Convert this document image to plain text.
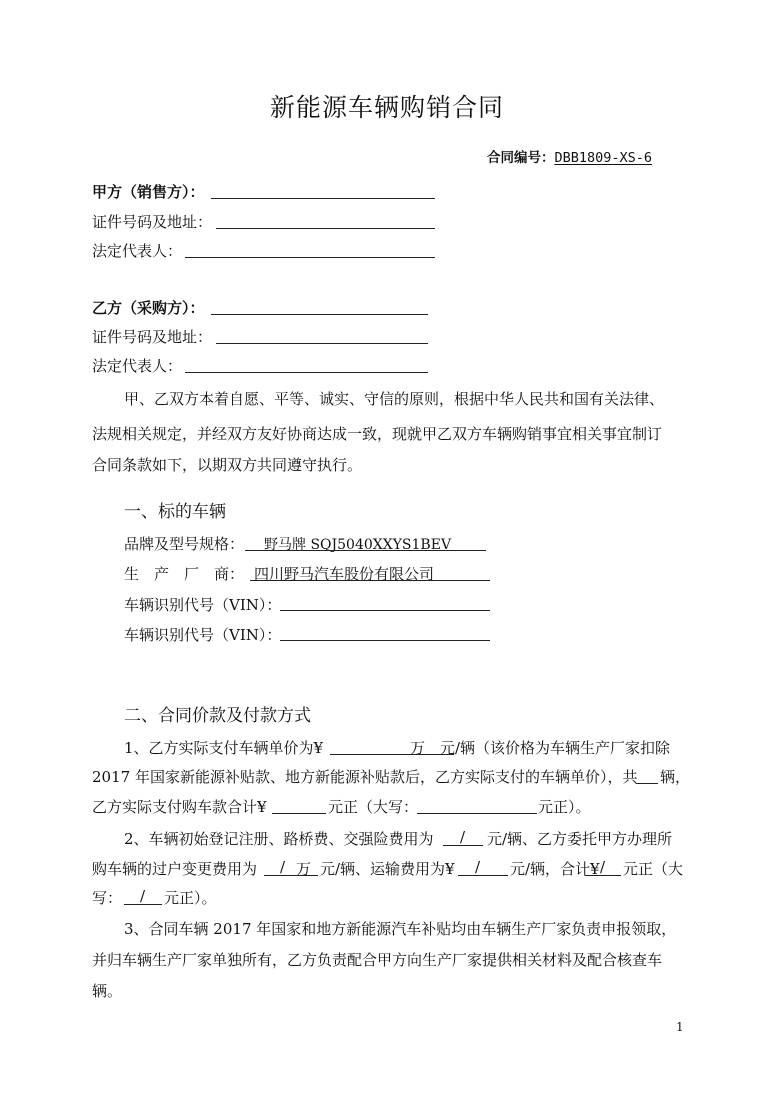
新能源车辆购销合同
合同编号：DBB1809-XS-6
甲方（销售方）：
证件号码及地址：
法定代表人：
乙方（采购方）：
证件号码及地址：
法定代表人：
甲、乙双方本着自愿、平等、诚实、守信的原则，根据中华人民共和国有关法律、
法规相关规定，并经双方友好协商达成一致，现就甲乙双方车辆购销事宜相关事宜制订
合同条款如下，以期双方共同遵守执行。
一、标的车辆
品牌及型号规格： 野马牌 SQJ5040XXYS1BEV
生　产　厂　商： 四川野马汽车股份有限公司
车辆识别代号（VIN）：
车辆识别代号（VIN）：
二、合同价款及付款方式
1、乙方实际支付车辆单价为¥	万 元/辆（该价格为车辆生产厂家扣除
2017 年国家新能源补贴款、地方新能源补贴款后，乙方实际支付的车辆单价），共 辆，
乙方实际支付购车款合计¥	元正（大写：	元正）。
2、车辆初始登记注册、路桥费、交强险费用为 / 元/辆、乙方委托甲方办理所
购车辆的过户变更费用为 / 万 元/辆、运输费用为¥ / 元/辆，合计¥ / 元正（大
写： / 元正）。
3、合同车辆 2017 年国家和地方新能源汽车补贴均由车辆生产厂家负责申报领取，
并归车辆生产厂家单独所有，乙方负责配合甲方向生产厂家提供相关材料及配合核查车
辆。
1
